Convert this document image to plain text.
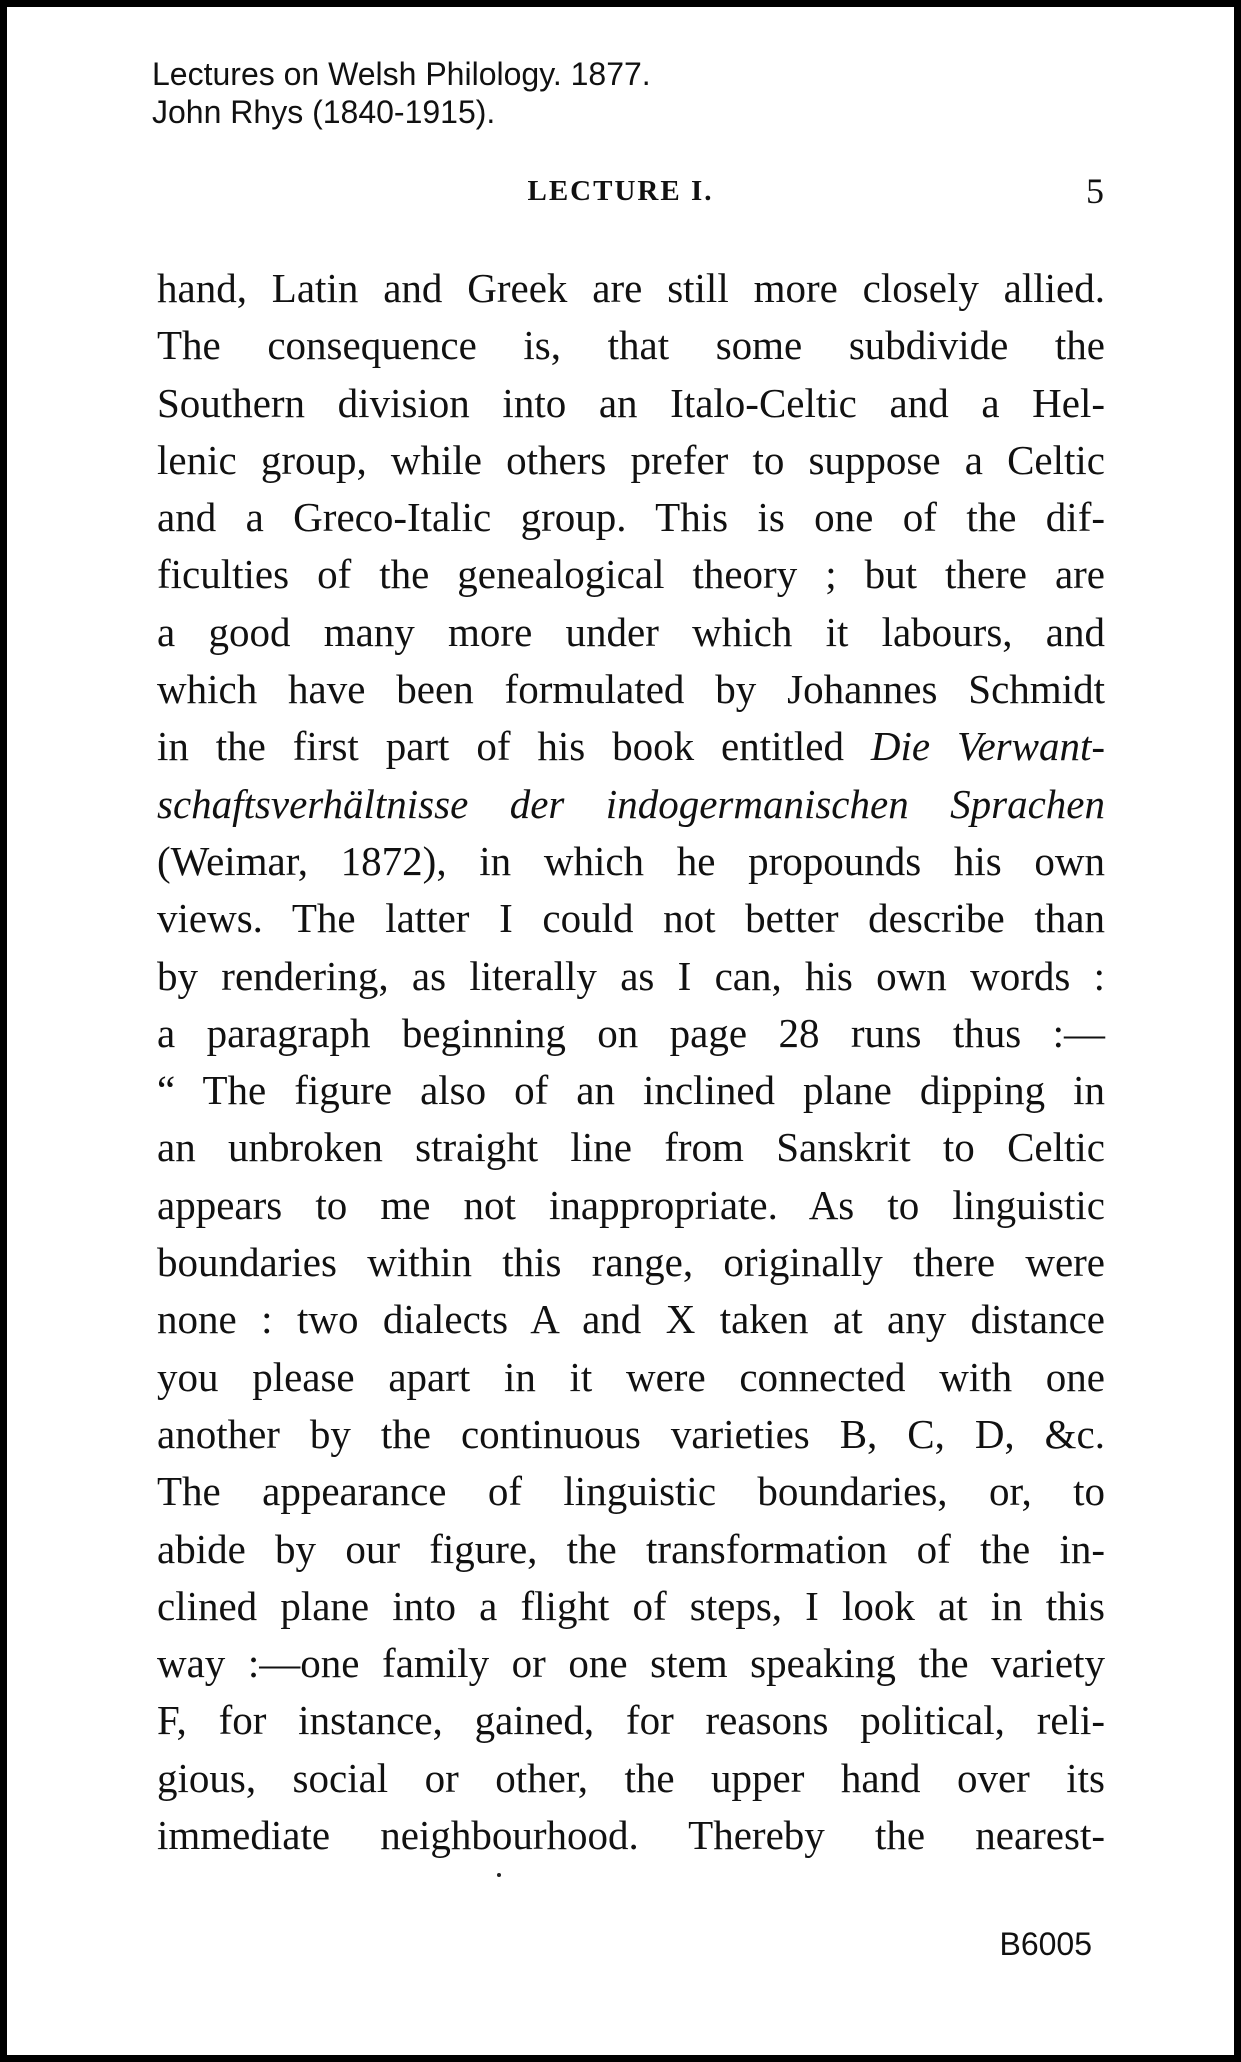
Lectures on Welsh Philology. 1877.
John Rhys (1840-1915).
LECTURE I.	5
hand, Latin and Greek are still more closely allied.
The consequence is, that some subdivide the
Southern division into an Italo-Celtic and a Hel-
lenic group, while others prefer to suppose a Celtic
and a Greco-Italic group. This is one of the dif-
ficulties of the genealogical theory ; but there are
a good many more under which it labours, and
which have been formulated by Johannes Schmidt
in the first part of his book entitled Die Verwant-
schaftsverhältnisse der indogermanischen Sprachen
(Weimar, 1872), in which he propounds his own
views. The latter I could not better describe than
by rendering, as literally as I can, his own words :
a paragraph beginning on page 28 runs thus :—
“ The figure also of an inclined plane dipping in
an unbroken straight line from Sanskrit to Celtic
appears to me not inappropriate. As to linguistic
boundaries within this range, originally there were
none : two dialects A and X taken at any distance
you please apart in it were connected with one
another by the continuous varieties B, C, D, &c.
The appearance of linguistic boundaries, or, to
abide by our figure, the transformation of the in-
clined plane into a flight of steps, I look at in this
way :—one family or one stem speaking the variety
F, for instance, gained, for reasons political, reli-
gious, social or other, the upper hand over its
immediate neighbourhood. Thereby the nearest-
B6005
